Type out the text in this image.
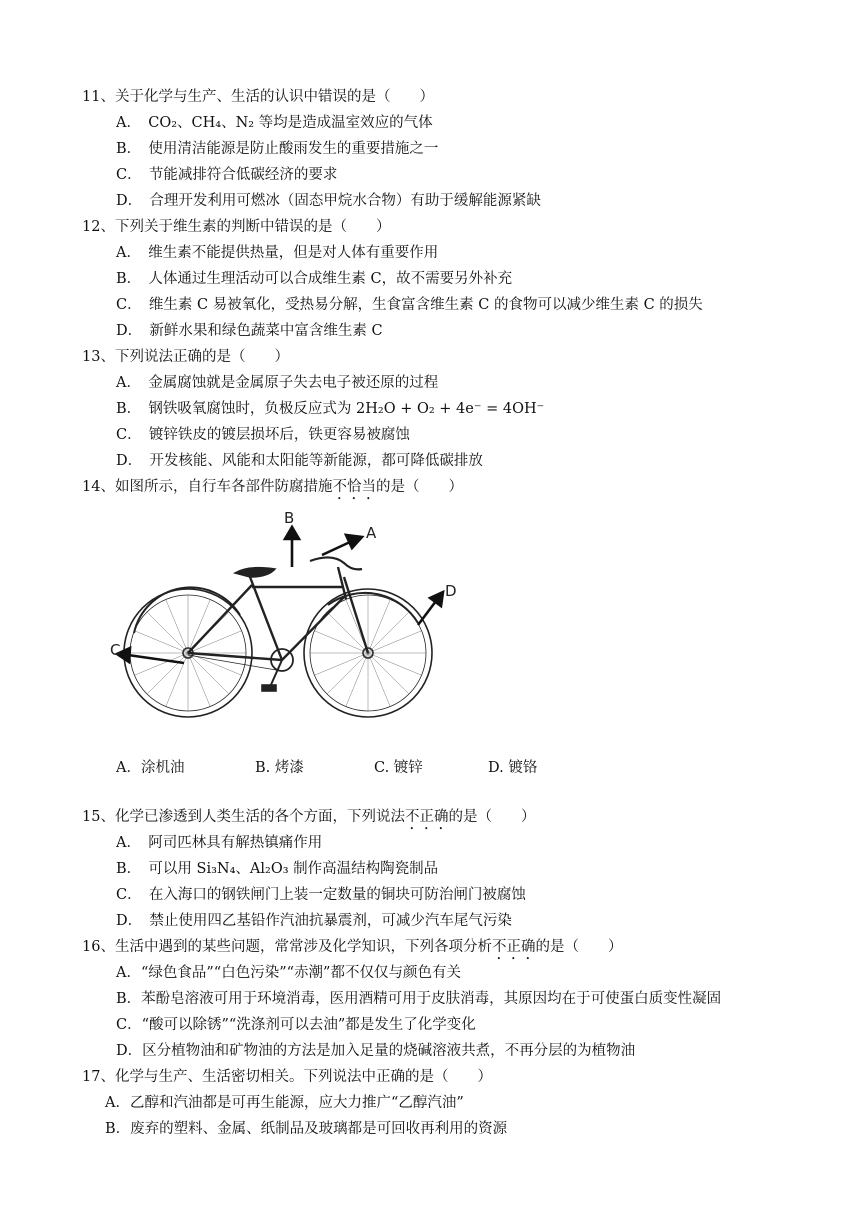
11、关于化学与生产、生活的认识中错误的是（　　）
A．　CO₂、CH₄、N₂ 等均是造成温室效应的气体
B．　使用清洁能源是防止酸雨发生的重要措施之一
C．　节能减排符合低碳经济的要求
D．　合理开发利用可燃冰（固态甲烷水合物）有助于缓解能源紧缺
12、下列关于维生素的判断中错误的是（　　）
A．　维生素不能提供热量，但是对人体有重要作用
B．　人体通过生理活动可以合成维生素 C，故不需要另外补充
C．　维生素 C 易被氧化，受热易分解，生食富含维生素 C 的食物可以减少维生素 C 的损失
D．　新鲜水果和绿色蔬菜中富含维生素 C
13、下列说法正确的是（　　）
A．　金属腐蚀就是金属原子失去电子被还原的过程
B．　钢铁吸氧腐蚀时，负极反应式为 2H₂O + O₂ + 4e⁻ = 4OH⁻
C．　镀锌铁皮的镀层损坏后，铁更容易被腐蚀
D．　开发核能、风能和太阳能等新能源，都可降低碳排放
14、如图所示，自行车各部件防腐措施不恰当的是（　　）
B
A
C
D
A．涂机油	B. 烤漆	C. 镀锌	D. 镀铬
15、化学已渗透到人类生活的各个方面，下列说法不正确的是（　　）
A．　阿司匹林具有解热镇痛作用
B．　可以用 Si₃N₄、Al₂O₃ 制作高温结构陶瓷制品
C．　在入海口的钢铁闸门上装一定数量的铜块可防治闸门被腐蚀
D．　禁止使用四乙基铅作汽油抗暴震剂，可减少汽车尾气污染
16、生活中遇到的某些问题，常常涉及化学知识，下列各项分析不正确的是（　　）
A．“绿色食品”“白色污染”“赤潮”都不仅仅与颜色有关
B．苯酚皂溶液可用于环境消毒，医用酒精可用于皮肤消毒，其原因均在于可使蛋白质变性凝固
C．“酸可以除锈”“洗涤剂可以去油”都是发生了化学变化
D．区分植物油和矿物油的方法是加入足量的烧碱溶液共煮，不再分层的为植物油
17、化学与生产、生活密切相关。下列说法中正确的是（　　）
A．乙醇和汽油都是可再生能源，应大力推广“乙醇汽油”
B．废弃的塑料、金属、纸制品及玻璃都是可回收再利用的资源
